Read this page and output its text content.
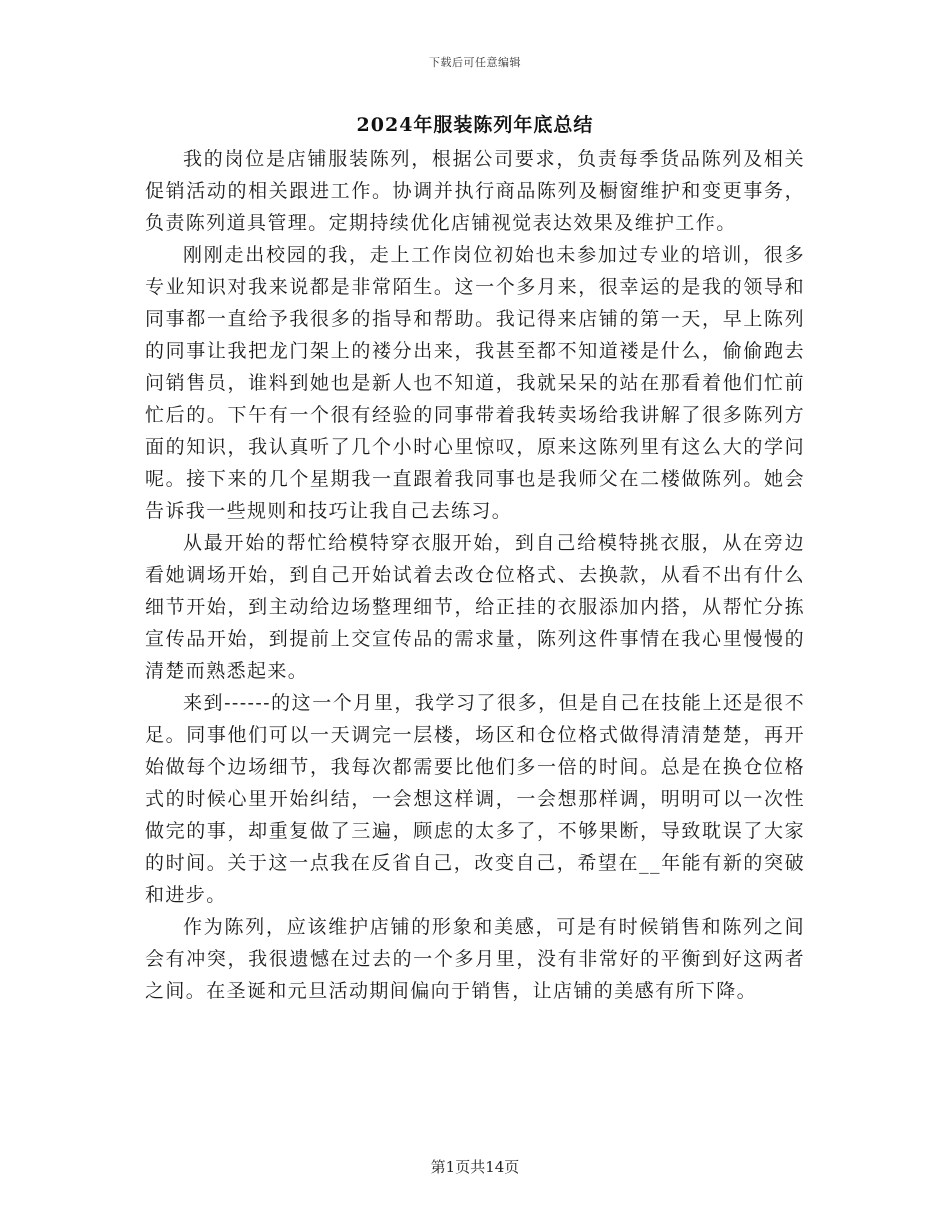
下载后可任意编辑
2024年服装陈列年底总结

我的岗位是店铺服装陈列，根据公司要求，负责每季货品陈列及相关促销活动的相关跟进工作。协调并执行商品陈列及橱窗维护和变更事务，负责陈列道具管理。定期持续优化店铺视觉表达效果及维护工作。

刚刚走出校园的我，走上工作岗位初始也未参加过专业的培训，很多专业知识对我来说都是非常陌生。这一个多月来，很幸运的是我的领导和同事都一直给予我很多的指导和帮助。我记得来店铺的第一天，早上陈列的同事让我把龙门架上的褛分出来，我甚至都不知道褛是什么，偷偷跑去问销售员，谁料到她也是新人也不知道，我就呆呆的站在那看着他们忙前忙后的。下午有一个很有经验的同事带着我转卖场给我讲解了很多陈列方面的知识，我认真听了几个小时心里惊叹，原来这陈列里有这么大的学问呢。接下来的几个星期我一直跟着我同事也是我师父在二楼做陈列。她会告诉我一些规则和技巧让我自己去练习。

从最开始的帮忙给模特穿衣服开始，到自己给模特挑衣服，从在旁边看她调场开始，到自己开始试着去改仓位格式、去换款，从看不出有什么细节开始，到主动给边场整理细节，给正挂的衣服添加内搭，从帮忙分拣宣传品开始，到提前上交宣传品的需求量，陈列这件事情在我心里慢慢的清楚而熟悉起来。

来到------的这一个月里，我学习了很多，但是自己在技能上还是很不足。同事他们可以一天调完一层楼，场区和仓位格式做得清清楚楚，再开始做每个边场细节，我每次都需要比他们多一倍的时间。总是在换仓位格式的时候心里开始纠结，一会想这样调，一会想那样调，明明可以一次性做完的事，却重复做了三遍，顾虑的太多了，不够果断，导致耽误了大家的时间。关于这一点我在反省自己，改变自己，希望在__年能有新的突破和进步。

作为陈列，应该维护店铺的形象和美感，可是有时候销售和陈列之间会有冲突，我很遗憾在过去的一个多月里，没有非常好的平衡到好这两者之间。在圣诞和元旦活动期间偏向于销售，让店铺的美感有所下降。

第1页共14页
